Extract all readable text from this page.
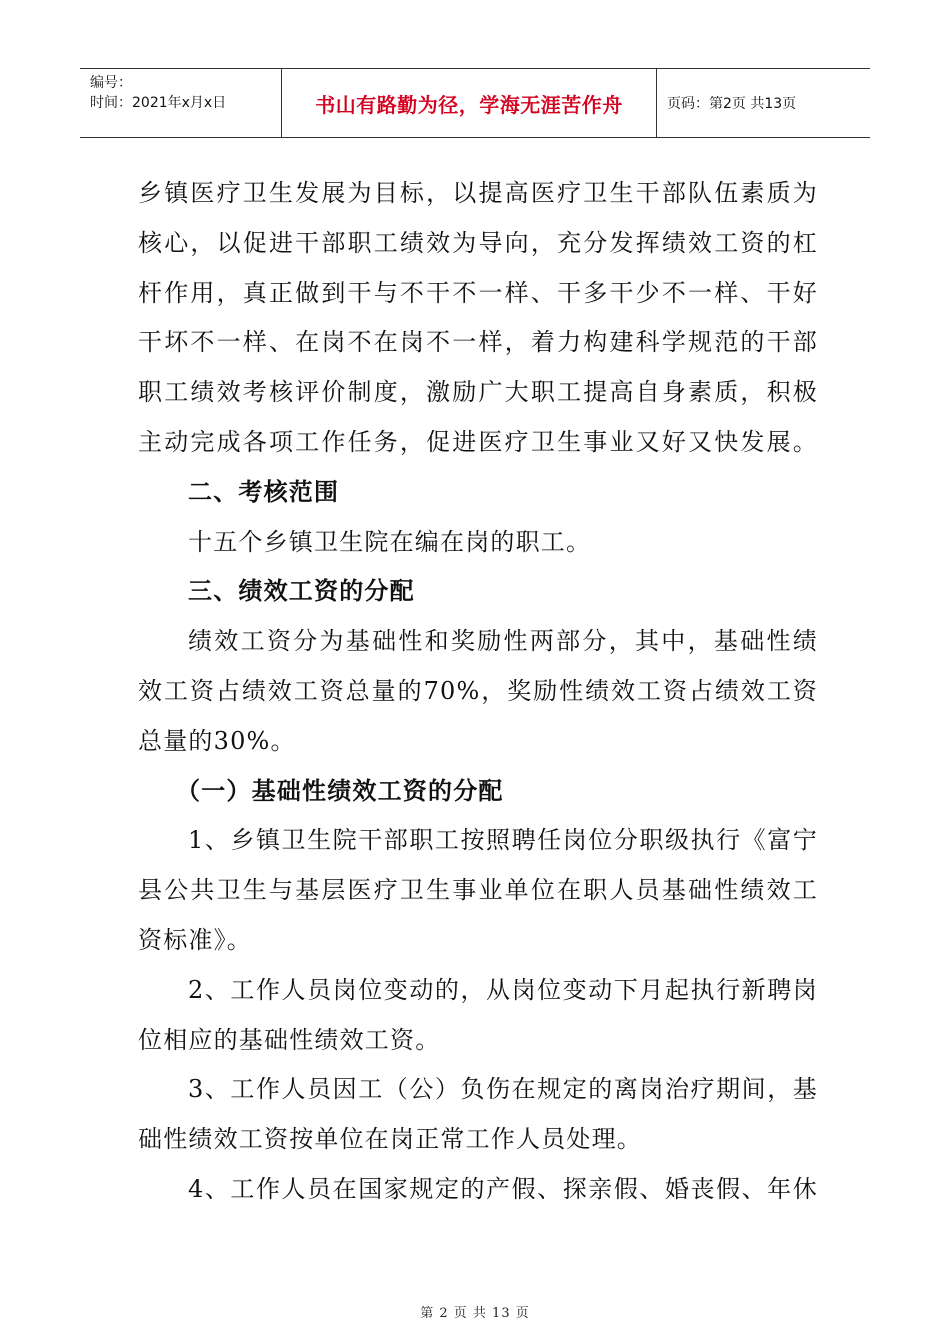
编号：
时间：2021年x月x日	书山有路勤为径，学海无涯苦作舟	页码：第2页 共13页
乡镇医疗卫生发展为目标，以提高医疗卫生干部队伍素质为
核心，以促进干部职工绩效为导向，充分发挥绩效工资的杠
杆作用，真正做到干与不干不一样、干多干少不一样、干好
干坏不一样、在岗不在岗不一样，着力构建科学规范的干部
职工绩效考核评价制度，激励广大职工提高自身素质，积极
主动完成各项工作任务，促进医疗卫生事业又好又快发展。
二、考核范围
十五个乡镇卫生院在编在岗的职工。
三、绩效工资的分配
绩效工资分为基础性和奖励性两部分，其中，基础性绩
效工资占绩效工资总量的70%，奖励性绩效工资占绩效工资
总量的30%。
（一）基础性绩效工资的分配
1、乡镇卫生院干部职工按照聘任岗位分职级执行《富宁
县公共卫生与基层医疗卫生事业单位在职人员基础性绩效工
资标准》。
2、工作人员岗位变动的，从岗位变动下月起执行新聘岗
位相应的基础性绩效工资。
3、工作人员因工（公）负伤在规定的离岗治疗期间，基
础性绩效工资按单位在岗正常工作人员处理。
4、工作人员在国家规定的产假、探亲假、婚丧假、年休
第 2 页 共 13 页
